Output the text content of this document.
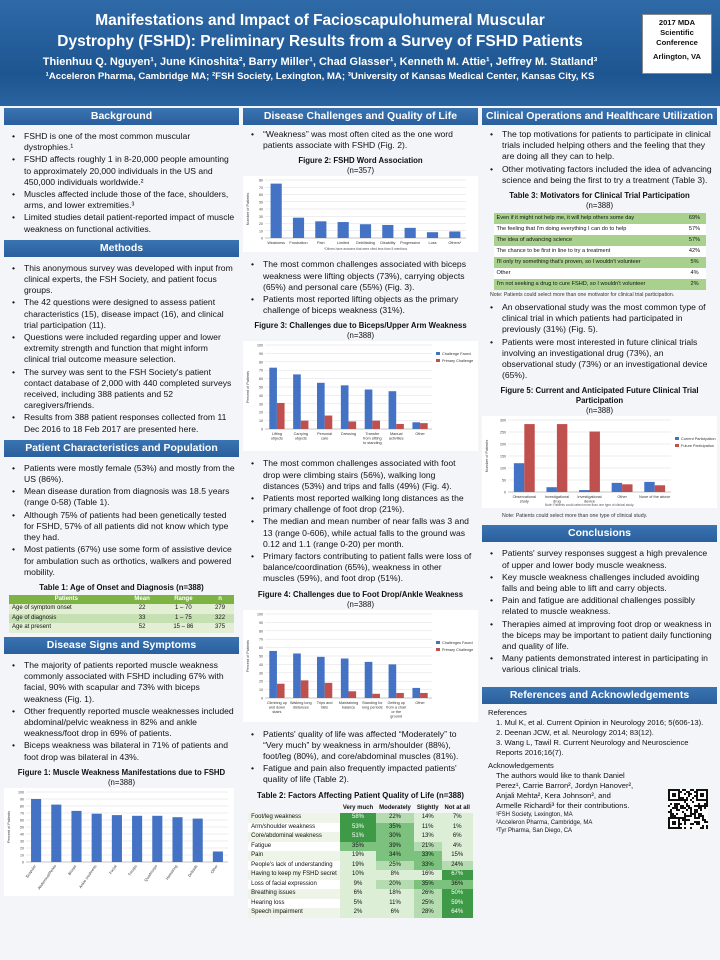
Manifestations and Impact of Facioscapulohumeral Muscular
Dystrophy (FSHD): Preliminary Results from a Survey of FSHD Patients
Thienhuu Q. Nguyen¹, June Kinoshita², Barry Miller¹, Chad Glasser¹, Kenneth M. Attie¹, Jeffrey M. Statland³
¹Acceleron Pharma, Cambridge MA; ²FSH Society, Lexington, MA; ³University of Kansas Medical Center, Kansas City, KS
2017 MDA
Scientific
Conference
Arlington, VA
Background
• FSHD is one of the most common muscular dystrophies.¹
• FSHD affects roughly 1 in 8-20,000 people amounting to approximately 20,000 individuals in the US and 450,000 individuals worldwide.²
• Muscles affected include those of the face, shoulders, arms, and lower extremities.³
• Limited studies detail patient-reported impact of muscle weakness on functional activities.
Methods
• This anonymous survey was developed with input from clinical experts, the FSH Society, and patient focus groups.
• The 42 questions were designed to assess patient characteristics (15), disease impact (16), and clinical trial participation (11).
• Questions were included regarding upper and lower extremity strength and function that might inform clinical trial outcome measure selection.
• The survey was sent to the FSH Society's patient contact database of 2,000 with 440 completed surveys received, including 388 patients and 52 caregivers/friends.
• Results from 388 patient responses collected from 11 Dec 2016 to 18 Feb 2017 are presented here.
Patient Characteristics and Population
• Patients were mostly female (53%) and mostly from the US (86%).
• Mean disease duration from diagnosis was 18.5 years (range 0-58) (Table 1).
• Although 75% of patients had been genetically tested for FSHD, 57% of all patients did not know which type they had.
• Most patients (67%) use some form of assistive device for ambulation such as orthotics, walkers and powered mobility.
Table 1: Age of Onset and Diagnosis (n=388)
Patients	Mean	Range	n
Age of symptom onset	22	1 – 70	279
Age of diagnosis	33	1 – 75	322
Age at present	52	15 – 86	375
Disease Signs and Symptoms
• The majority of patients reported muscle weakness commonly associated with FSHD including 67% with facial, 90% with scapular and 73% with biceps weakness (Fig. 1).
• Other frequently reported muscle weaknesses included abdominal/pelvic weakness in 82% and ankle weakness/foot drop in 69% of patients.
• Biceps weakness was bilateral in 71% of patients and foot drop was bilateral in 43%.
Figure 1: Muscle Weakness Manifestations due to FSHD
(n=388)
0
10
20
30
40
50
60
70
80
90
100
Percent of Patients
Scapular Abdominal/Pelvis	Biceps Ankle weakness	Facial	Triceps Quadriceps Hamstring Deltoids	Other
Disease Challenges and Quality of Life
• “Weakness” was most often cited as the one word patients associate with FSHD (Fig. 2).
Figure 2: FSHD Word Association
(n=357)
0
10
20
30
40
50
60
70
80
Number of Patients
Weakness Frustration Pain	Limited Debilitating Disability Progressive Loss	Others*
*Others have answers that were cited less than 5 mentions
• The most common challenges associated with biceps weakness were lifting objects (73%), carrying objects (65%) and personal care (55%) (Fig. 3).
• Patients most reported lifting objects as the primary challenge of biceps weakness (31%).
Figure 3: Challenges due to Biceps/Upper Arm Weakness
(n=388)
0
10
20
30
40
50
60
70
80
90
100
Percent of Patients
Lifting
objects
Carrying
objects
Personal
care
Dressing Transfer
from sitting
to standing
Manual
activities
Other
Challenge Faced
Primary Challenge
• The most common challenges associated with foot drop were climbing stairs (56%), walking long distances (53%) and trips and falls (49%) (Fig. 4).
• Patients most reported walking long distances as the primary challenge of foot drop (21%).
• The median and mean number of near falls was 3 and 13 (range 0-606), while actual falls to the ground was 0.12 and 1.1 (range 0-20) per month.
• Primary factors contributing to patient falls were loss of balance/coordination (65%), weakness in other muscles (59%), and foot drop (51%).
Figure 4: Challenges due to Foot Drop/Ankle Weakness
(n=388)
0
10
20
30
40
50
60
70
80
90
100
Percent of Patients
Climbing up
and down
stairs
Walking long
distances
Trips and
falls
Maintaining
balance
Standing for
long periods
Getting up
from a chair
or the
ground
Other
Challenges Faced
Primary Challenge
• Patients' quality of life was affected “Moderately” to “Very much” by weakness in arm/shoulder (88%), foot/leg (80%), and core/abdominal muscles (81%).
• Fatigue and pain also frequently impacted patients' quality of life (Table 2).
Table 2: Factors Affecting Patient Quality of Life (n=388)
	Very much	Moderately	Slightly	Not at all
Foot/leg weakness	58%	22%	14%	7%
Arm/shoulder weakness	53%	35%	11%	1%
Core/abdominal weakness	51%	30%	13%	6%
Fatigue	35%	39%	21%	4%
Pain	19%	34%	33%	15%
People's lack of understanding	19%	25%	33%	24%
Having to keep my FSHD secret	10%	8%	16%	67%
Loss of facial expression	9%	20%	35%	36%
Breathing issues	6%	18%	26%	50%
Hearing loss	5%	11%	25%	59%
Speech impairment	2%	6%	28%	64%
Clinical Operations and Healthcare Utilization
• The top motivations for patients to participate in clinical trials included helping others and the feeling that they are doing all they can to help.
• Other motivating factors included the idea of advancing science and being the first to try a treatment (Table 3).
Table 3: Motivators for Clinical Trial Participation
(n=388)
Even if it might not help me, it will help others some day	69%
The feeling that I'm doing everything I can do to help	57%
The idea of advancing science	57%
The chance to be first in line to try a treatment	42%
I'll only try something that's proven, so I wouldn't volunteer	5%
Other	4%
I'm not seeking a drug to cure FSHD, so I wouldn't volunteer	2%
Note: Patients could select more than one motivator for clinical trial participation.
• An observational study was the most common type of clinical trial in which patients had participated in previously (31%) (Fig. 5).
• Patients were most interested in future clinical trials involving an investigational drug (73%), an observational study (73%) or an investigational device (65%).
Figure 5: Current and Anticipated Future Clinical Trial Participation
(n=388)
0
50
100
150
200
250
300
Number of Patients
Observational
study
Investigational
drug
Investigational
device
Other	None of the above
Current Participation
Future Participation
Note: Patients could select more than one type of clinical study.
Note: Patients could select more than one type of clinical study.
Conclusions
• Patients' survey responses suggest a high prevalence of upper and lower body muscle weakness.
• Key muscle weakness challenges included avoiding falls and being able to lift and carry objects.
• Pain and fatigue are additional challenges possibly related to muscle weakness.
• Therapies aimed at improving foot drop or weakness in the biceps may be important to patient daily functioning and quality of life.
• Many patients demonstrated interest in participating in various clinical trials.
References and Acknowledgements
References
1. Mul K, et al. Current Opinion in Neurology 2016; 5(606-13).
2. Deenan JCW, et al. Neurology 2014; 83(12).
3. Wang L, Tawil R. Current Neurology and Neuroscience Reports 2016;16(7).
Acknowledgements
The authors would like to thank Daniel Perez¹, Carrie Barron², Jordyn Hanover², Anjali Mehta², Kera Johnson², and Armelle Richardi³ for their contributions.
¹FSH Society, Lexington, MA
²Acceleron Pharma, Cambridge, MA
³Tyr Pharma, San Diego, CA
